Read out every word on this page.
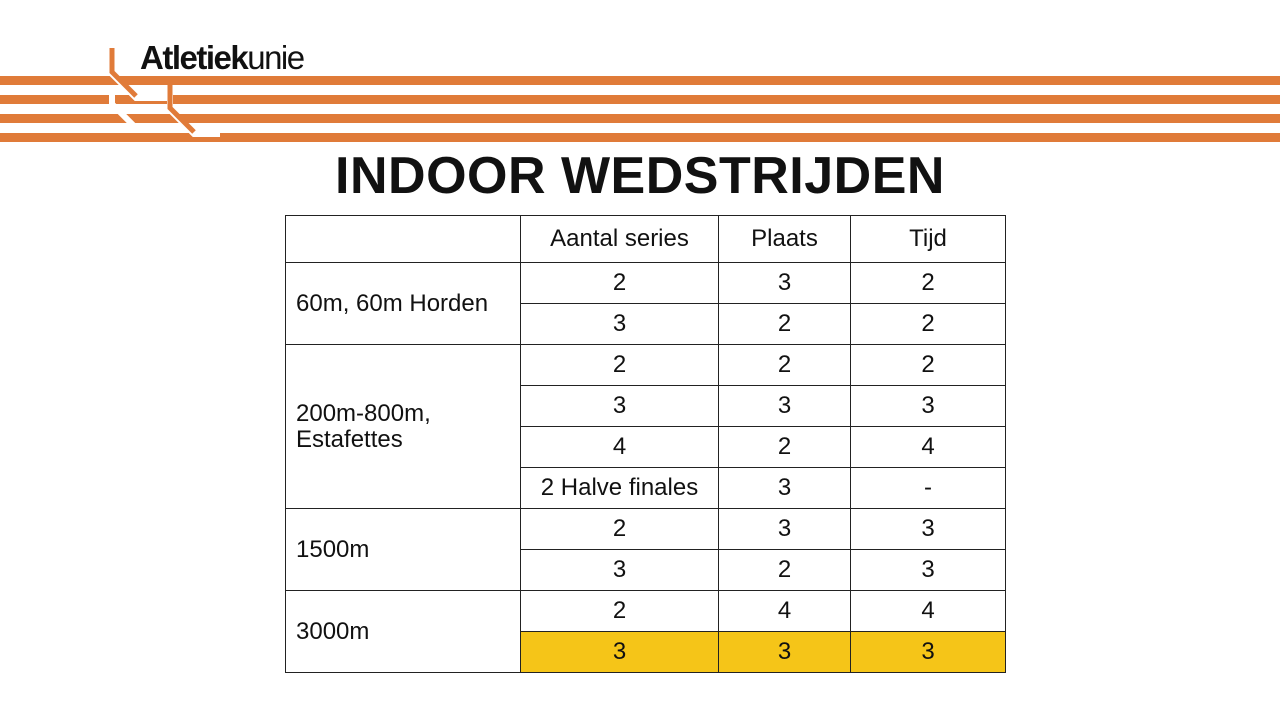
Atletiekunie
INDOOR WEDSTRIJDEN
	Aantal series	Plaats	Tijd
60m, 60m Horden	2	3	2
	3	2	2
200m-800m,
Estafettes	2	2	2
	3	3	3
	4	2	4
	2 Halve finales	3	-
1500m	2	3	3
	3	2	3
3000m	2	4	4
	3	3	3
